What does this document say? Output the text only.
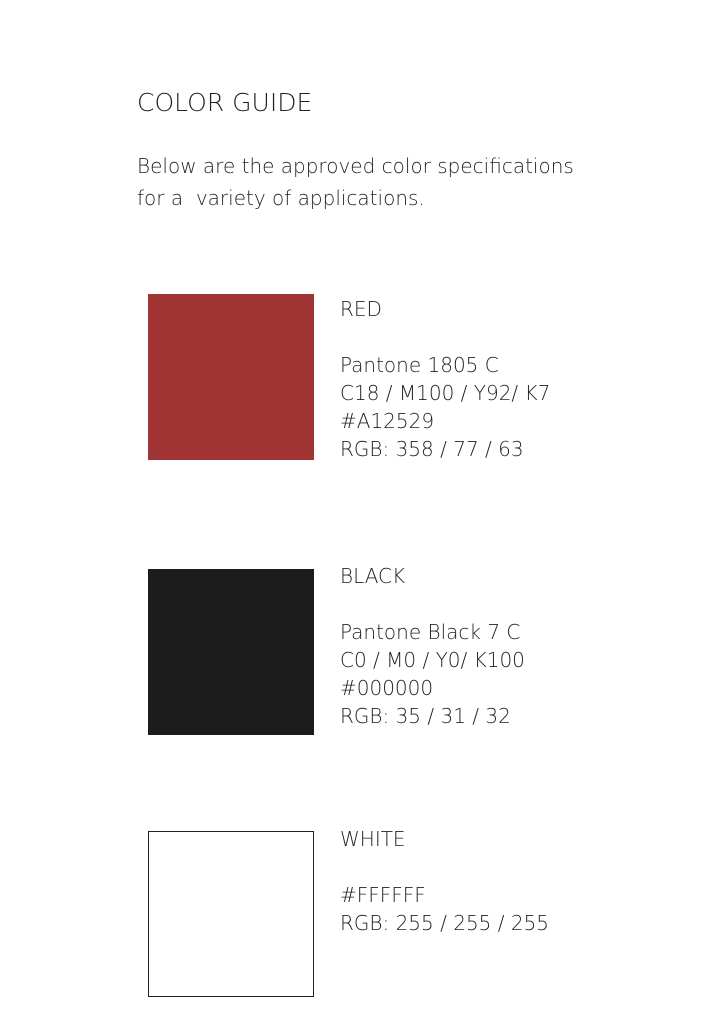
COLOR GUIDE
Below are the approved color specifications
for a  variety of applications.
RED
Pantone 1805 C
C18 / M100 / Y92/ K7
#A12529
RGB: 358 / 77 / 63
BLACK
Pantone Black 7 C
C0 / M0 / Y0/ K100
#000000
RGB: 35 / 31 / 32
WHITE
#FFFFFF
RGB: 255 / 255 / 255
